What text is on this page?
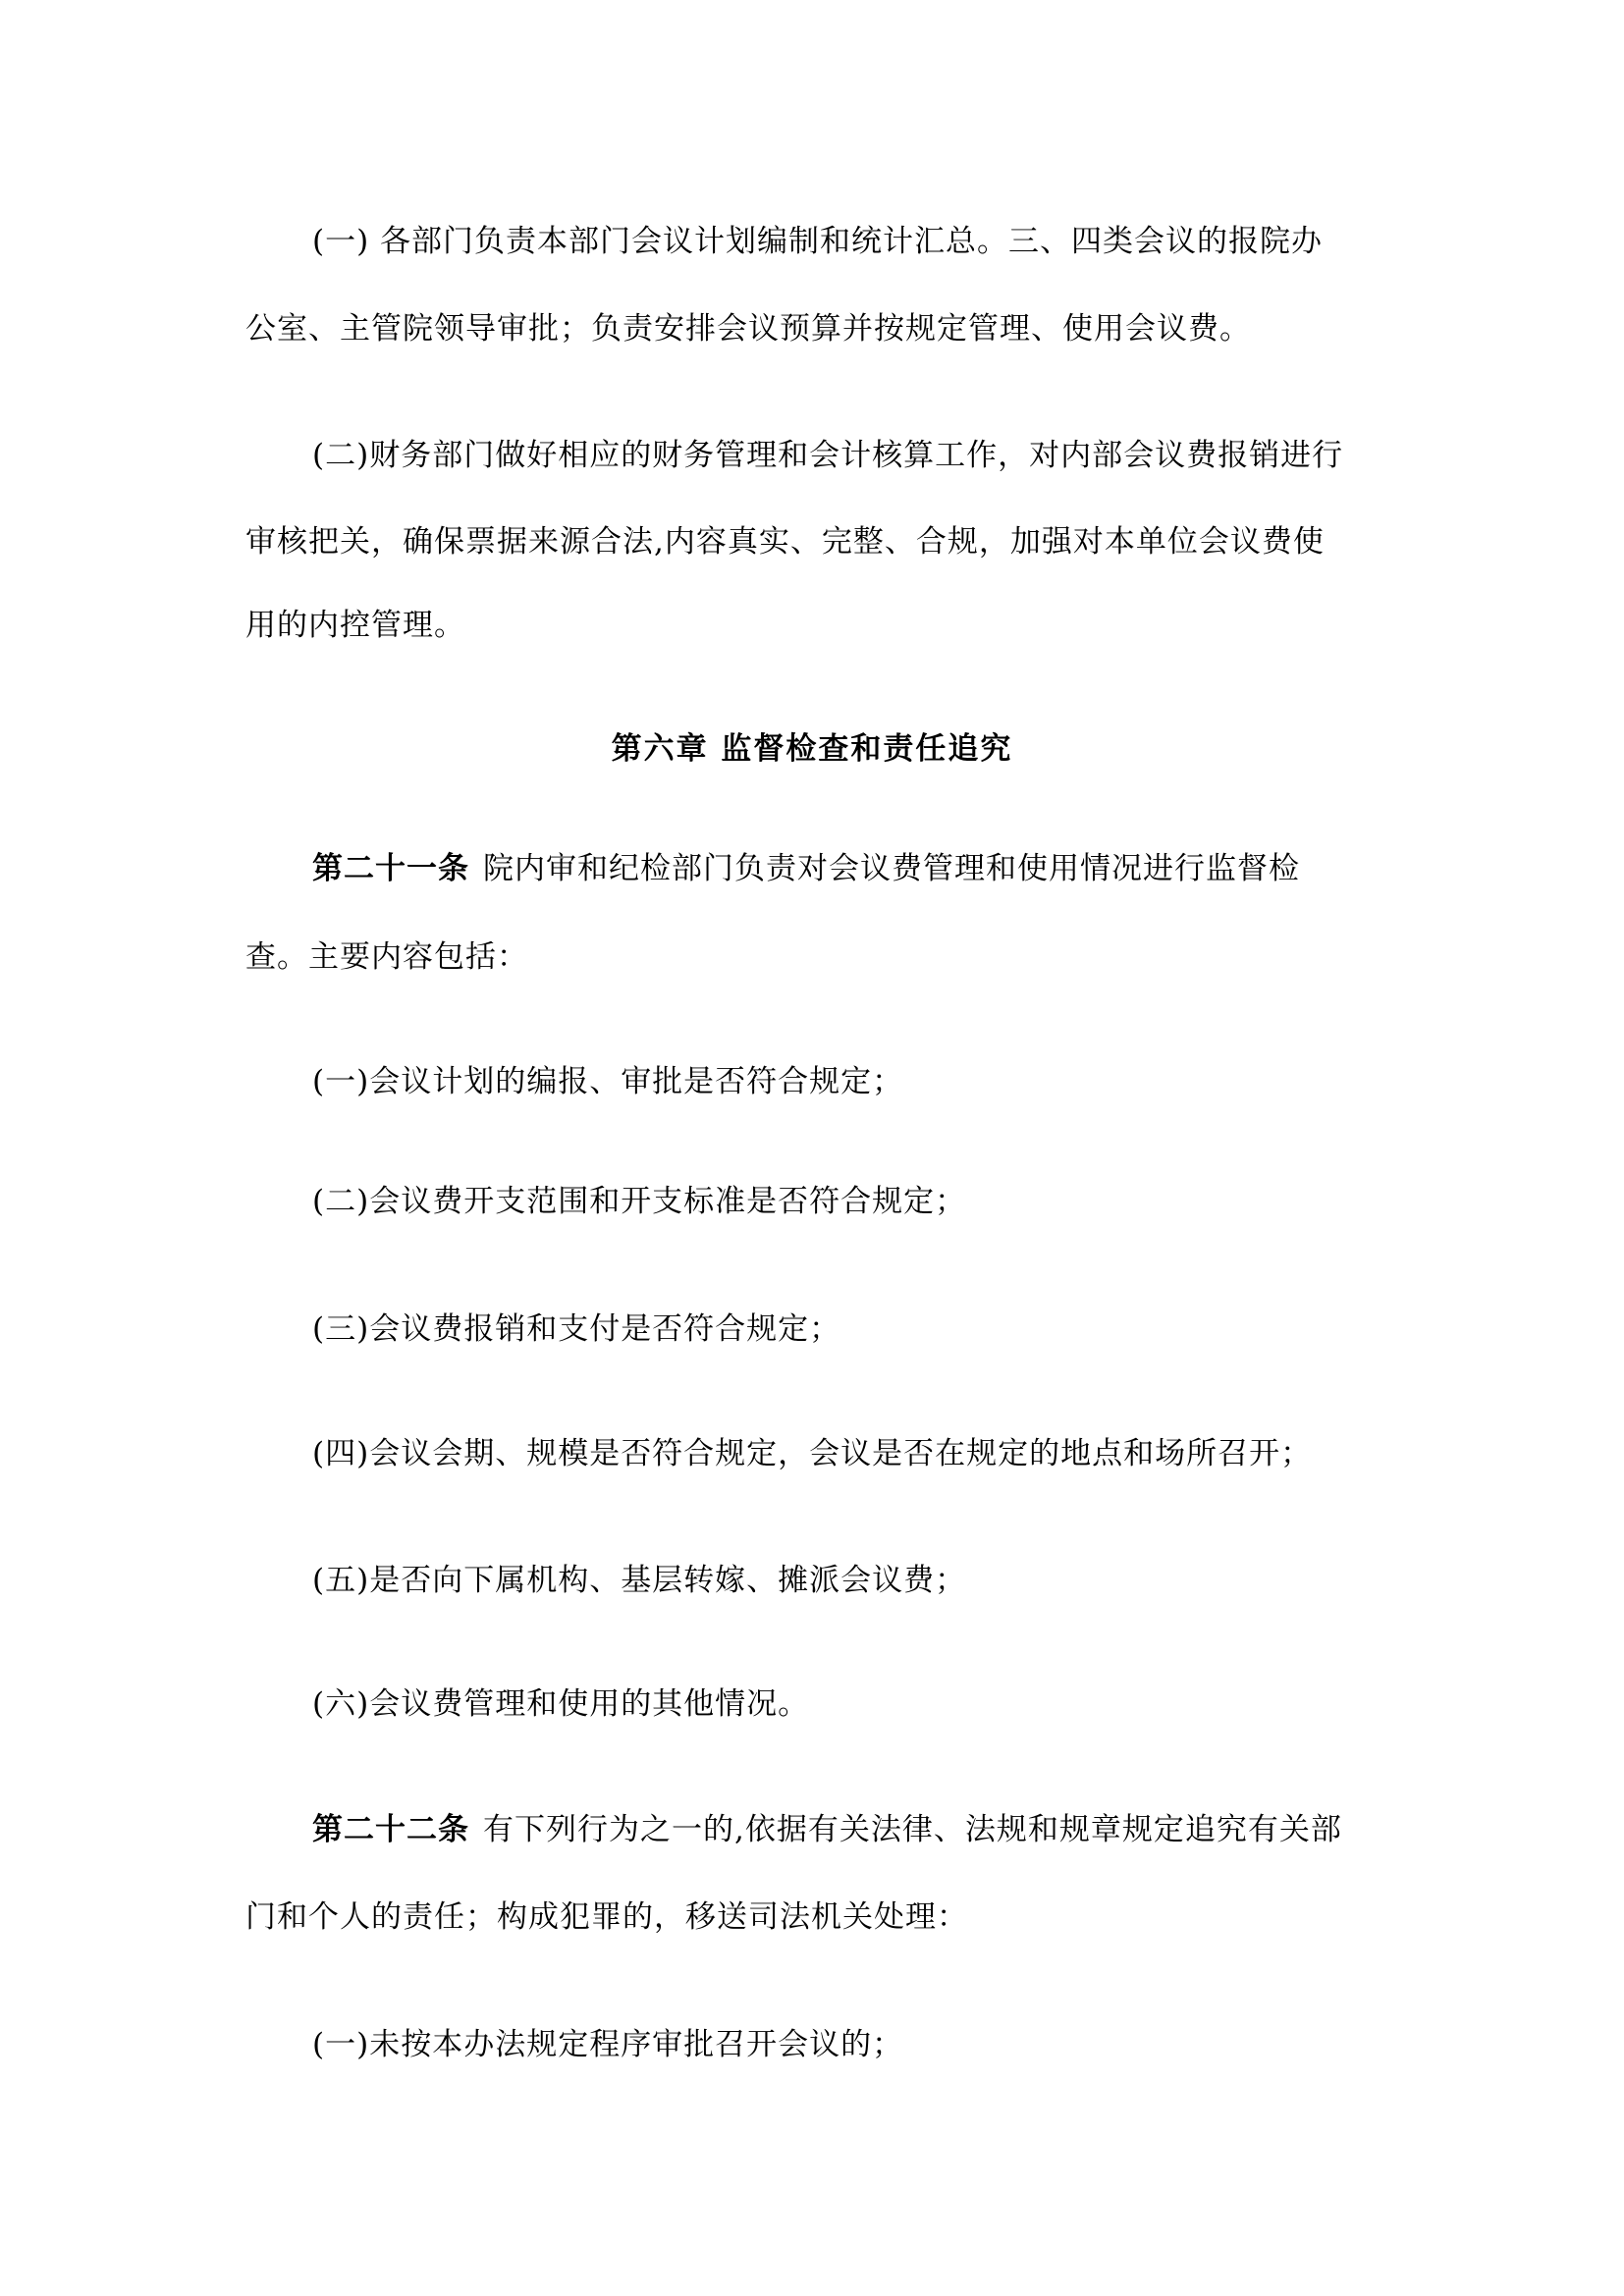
(一) 各部门负责本部门会议计划编制和统计汇总。三、四类会议的报院办
公室、主管院领导审批；负责安排会议预算并按规定管理、使用会议费。
(二)财务部门做好相应的财务管理和会计核算工作，对内部会议费报销进行
审核把关，确保票据来源合法,内容真实、完整、合规，加强对本单位会议费使
用的内控管理。
第六章 监督检查和责任追究
第二十一条 院内审和纪检部门负责对会议费管理和使用情况进行监督检
查。主要内容包括：
(一)会议计划的编报、审批是否符合规定；
(二)会议费开支范围和开支标准是否符合规定；
(三)会议费报销和支付是否符合规定；
(四)会议会期、规模是否符合规定，会议是否在规定的地点和场所召开；
(五)是否向下属机构、基层转嫁、摊派会议费；
(六)会议费管理和使用的其他情况。
第二十二条 有下列行为之一的,依据有关法律、法规和规章规定追究有关部
门和个人的责任；构成犯罪的，移送司法机关处理：
(一)未按本办法规定程序审批召开会议的；
